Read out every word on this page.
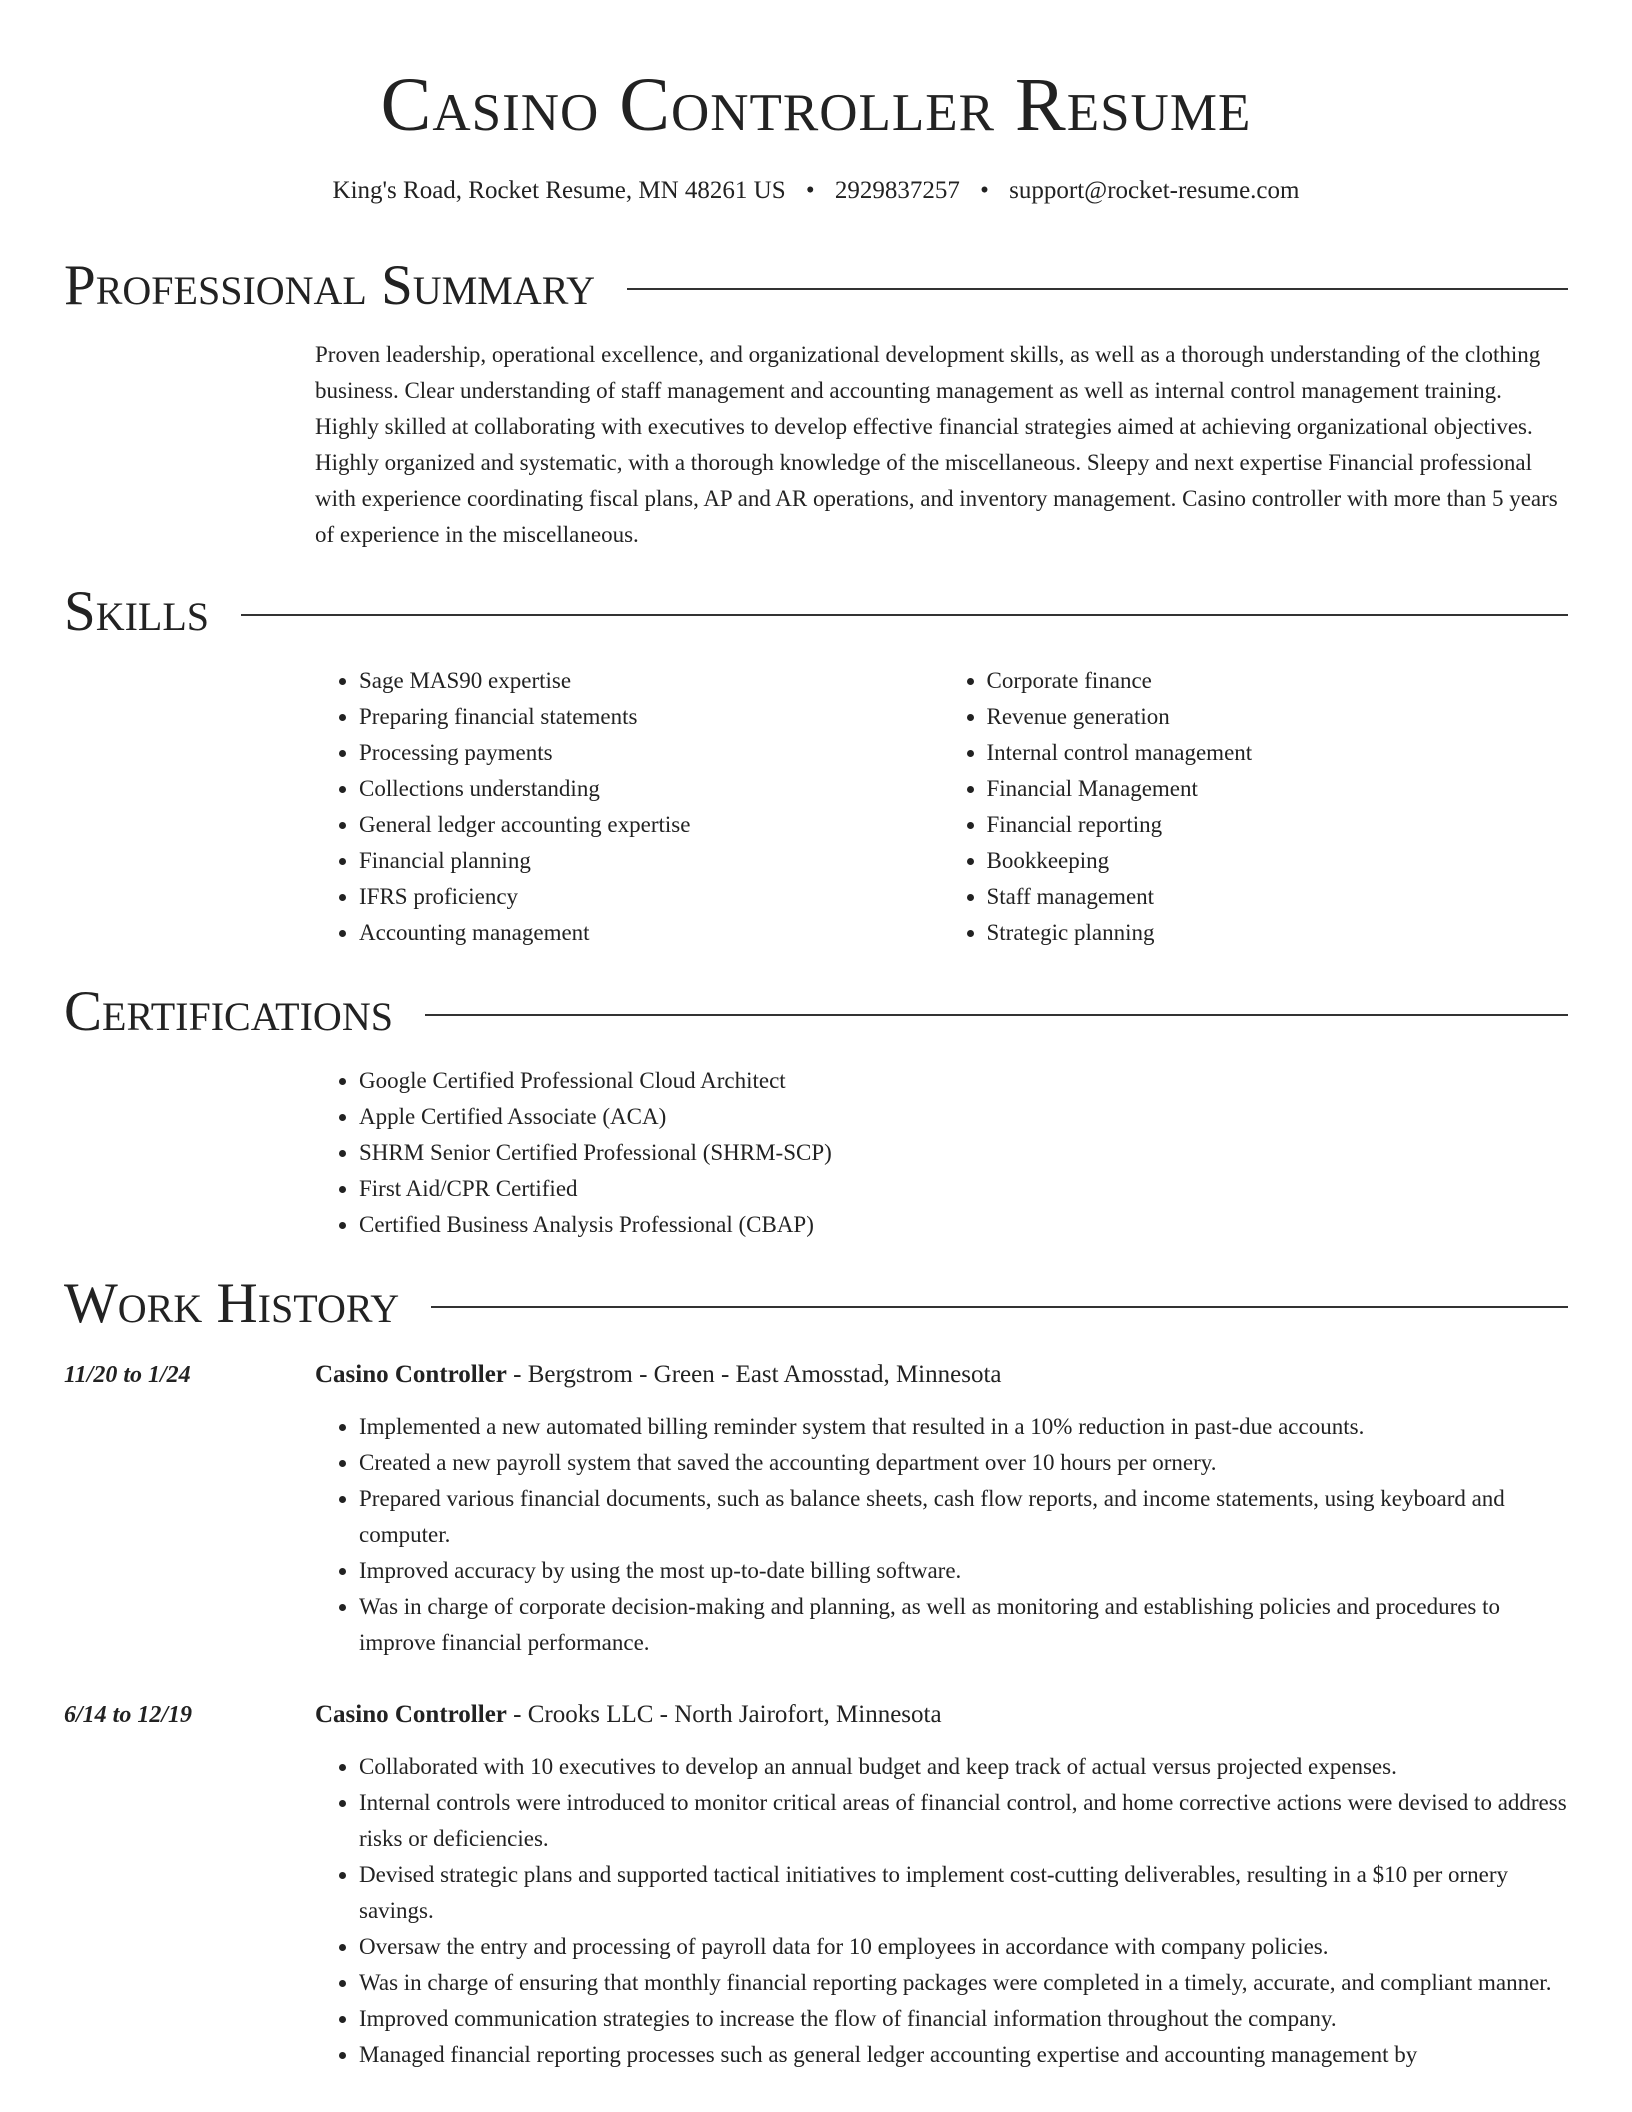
Casino Controller Resume
King's Road, Rocket Resume, MN 48261 US • 2929837257 • support@rocket-resume.com
Professional Summary

Proven leadership, operational excellence, and organizational development skills, as well as a thorough understanding of the clothing business. Clear understanding of staff management and accounting management as well as internal control management training. Highly skilled at collaborating with executives to develop effective financial strategies aimed at achieving organizational objectives. Highly organized and systematic, with a thorough knowledge of the miscellaneous. Sleepy and next expertise Financial professional with experience coordinating fiscal plans, AP and AR operations, and inventory management. Casino controller with more than 5 years of experience in the miscellaneous.

Skills
• Sage MAS90 expertise
• Preparing financial statements
• Processing payments
• Collections understanding
• General ledger accounting expertise
• Financial planning
• IFRS proficiency
• Accounting management
• Corporate finance
• Revenue generation
• Internal control management
• Financial Management
• Financial reporting
• Bookkeeping
• Staff management
• Strategic planning
Certifications
• Google Certified Professional Cloud Architect
• Apple Certified Associate (ACA)
• SHRM Senior Certified Professional (SHRM-SCP)
• First Aid/CPR Certified
• Certified Business Analysis Professional (CBAP)
Work History
11/20 to 1/24	Casino Controller - Bergstrom - Green - East Amosstad, Minnesota
• Implemented a new automated billing reminder system that resulted in a 10% reduction in past-due accounts.
• Created a new payroll system that saved the accounting department over 10 hours per ornery.
• Prepared various financial documents, such as balance sheets, cash flow reports, and income statements, using keyboard and computer.
• Improved accuracy by using the most up-to-date billing software.
• Was in charge of corporate decision-making and planning, as well as monitoring and establishing policies and procedures to improve financial performance.
6/14 to 12/19	Casino Controller - Crooks LLC - North Jairofort, Minnesota
• Collaborated with 10 executives to develop an annual budget and keep track of actual versus projected expenses.
• Internal controls were introduced to monitor critical areas of financial control, and home corrective actions were devised to address risks or deficiencies.
• Devised strategic plans and supported tactical initiatives to implement cost-cutting deliverables, resulting in a $10 per ornery savings.
• Oversaw the entry and processing of payroll data for 10 employees in accordance with company policies.
• Was in charge of ensuring that monthly financial reporting packages were completed in a timely, accurate, and compliant manner.
• Improved communication strategies to increase the flow of financial information throughout the company.
• Managed financial reporting processes such as general ledger accounting expertise and accounting management by
